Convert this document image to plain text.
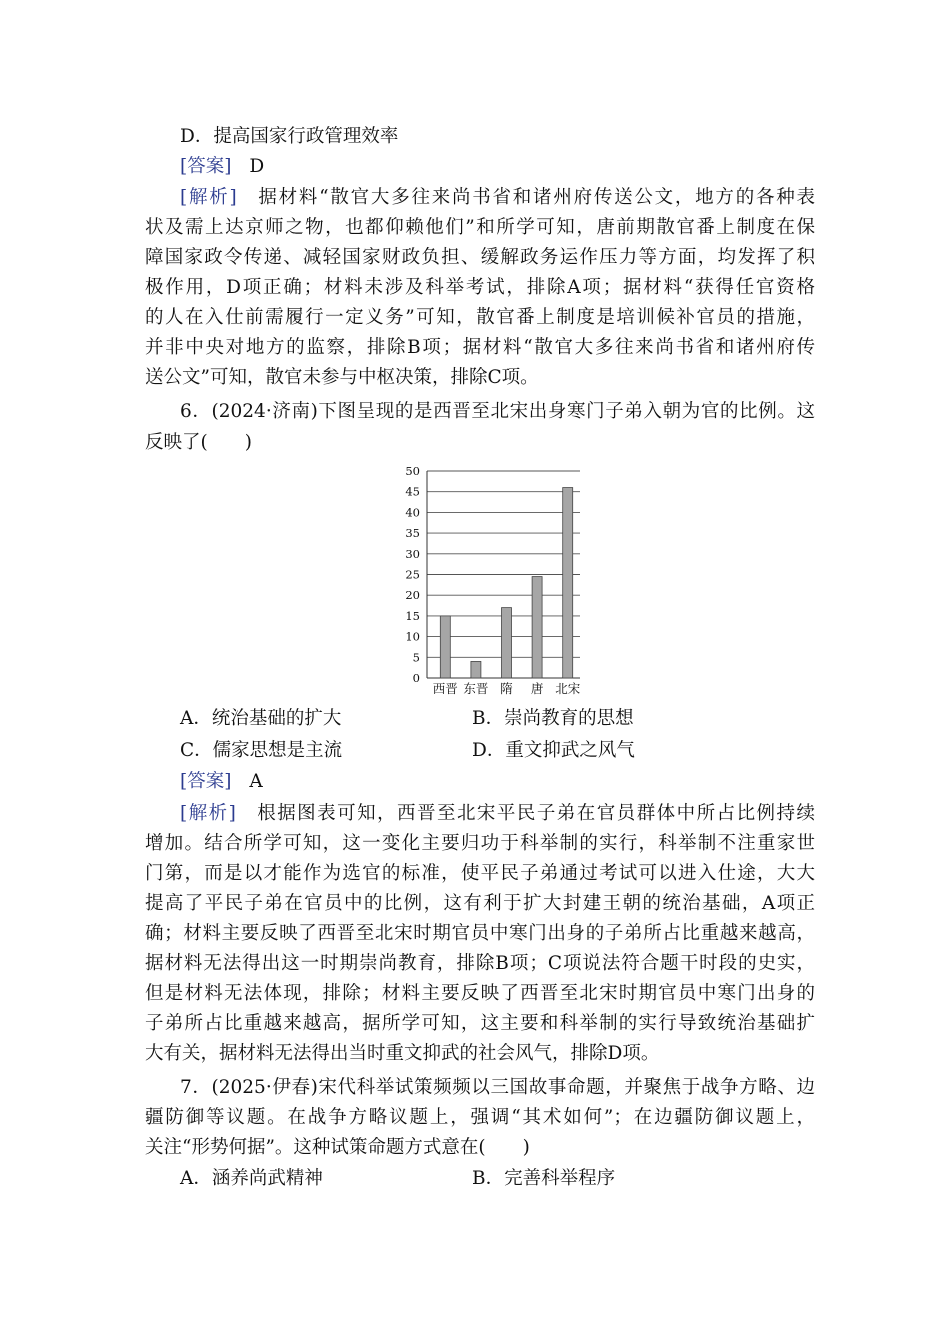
D．提高国家行政管理效率
[答案] D
[解析] 据材料“散官大多往来尚书省和诸州府传送公文，地方的各种表
状及需上达京师之物，也都仰赖他们”和所学可知，唐前期散官番上制度在保
障国家政令传递、减轻国家财政负担、缓解政务运作压力等方面，均发挥了积
极作用，D项正确；材料未涉及科举考试，排除A项；据材料“获得任官资格
的人在入仕前需履行一定义务”可知，散官番上制度是培训候补官员的措施，
并非中央对地方的监察，排除B项；据材料“散官大多往来尚书省和诸州府传
送公文”可知，散官未参与中枢决策，排除C项。
6．(2024·济南)下图呈现的是西晋至北宋出身寒门子弟入朝为官的比例。这
反映了(　　)
0
5
10
15
20
25
30
35
40
45
50
西晋 东晋 隋 唐 北宋
A．统治基础的扩大	B．崇尚教育的思想
C．儒家思想是主流	D．重文抑武之风气
[答案] A
[解析] 根据图表可知，西晋至北宋平民子弟在官员群体中所占比例持续
增加。结合所学可知，这一变化主要归功于科举制的实行，科举制不注重家世
门第，而是以才能作为选官的标准，使平民子弟通过考试可以进入仕途，大大
提高了平民子弟在官员中的比例，这有利于扩大封建王朝的统治基础，A项正
确；材料主要反映了西晋至北宋时期官员中寒门出身的子弟所占比重越来越高，
据材料无法得出这一时期崇尚教育，排除B项；C项说法符合题干时段的史实，
但是材料无法体现，排除；材料主要反映了西晋至北宋时期官员中寒门出身的
子弟所占比重越来越高，据所学可知，这主要和科举制的实行导致统治基础扩
大有关，据材料无法得出当时重文抑武的社会风气，排除D项。
7．(2025·伊春)宋代科举试策频频以三国故事命题，并聚焦于战争方略、边
疆防御等议题。在战争方略议题上，强调“其术如何”；在边疆防御议题上，
关注“形势何据”。这种试策命题方式意在(　　)
A．涵养尚武精神	B．完善科举程序
